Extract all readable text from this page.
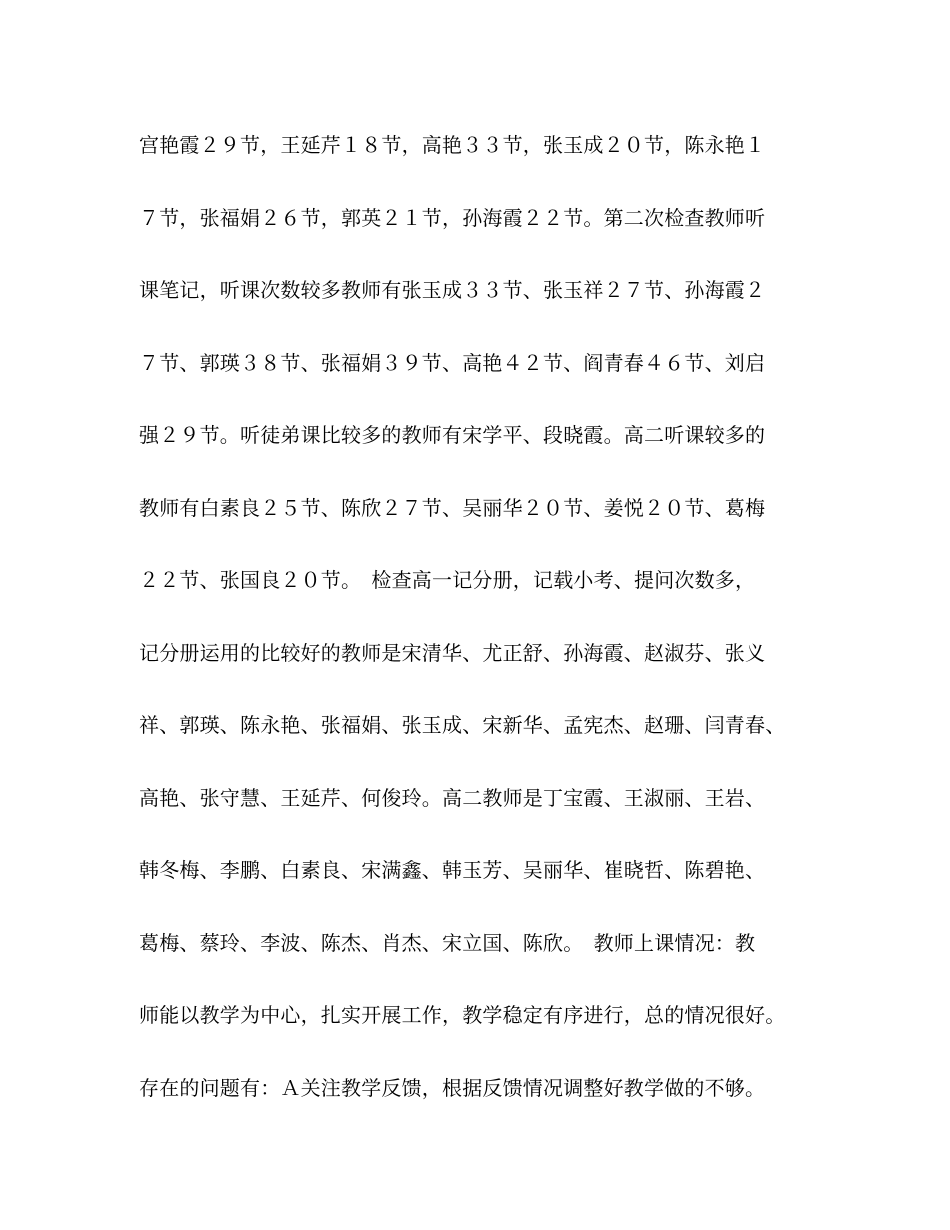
宫艳霞２９节，王延芹１８节，高艳３３节，张玉成２０节，陈永艳１
７节，张福娟２６节，郭英２１节，孙海霞２２节。第二次检查教师听
课笔记，听课次数较多教师有张玉成３３节、张玉祥２７节、孙海霞２
７节、郭瑛３８节、张福娟３９节、高艳４２节、阎青春４６节、刘启
强２９节。听徒弟课比较多的教师有宋学平、段晓霞。高二听课较多的
教师有白素良２５节、陈欣２７节、吴丽华２０节、姜悦２０节、葛梅
２２节、张国良２０节。　检查高一记分册，记载小考、提问次数多，
记分册运用的比较好的教师是宋清华、尤正舒、孙海霞、赵淑芬、张义
祥、郭瑛、陈永艳、张福娟、张玉成、宋新华、孟宪杰、赵珊、闫青春、
高艳、张守慧、王延芹、何俊玲。高二教师是丁宝霞、王淑丽、王岩、
韩冬梅、李鹏、白素良、宋满鑫、韩玉芳、吴丽华、崔晓哲、陈碧艳、
葛梅、蔡玲、李波、陈杰、肖杰、宋立国、陈欣。　教师上课情况：教
师能以教学为中心，扎实开展工作，教学稳定有序进行，总的情况很好。
存在的问题有：Ａ关注教学反馈，根据反馈情况调整好教学做的不够。
